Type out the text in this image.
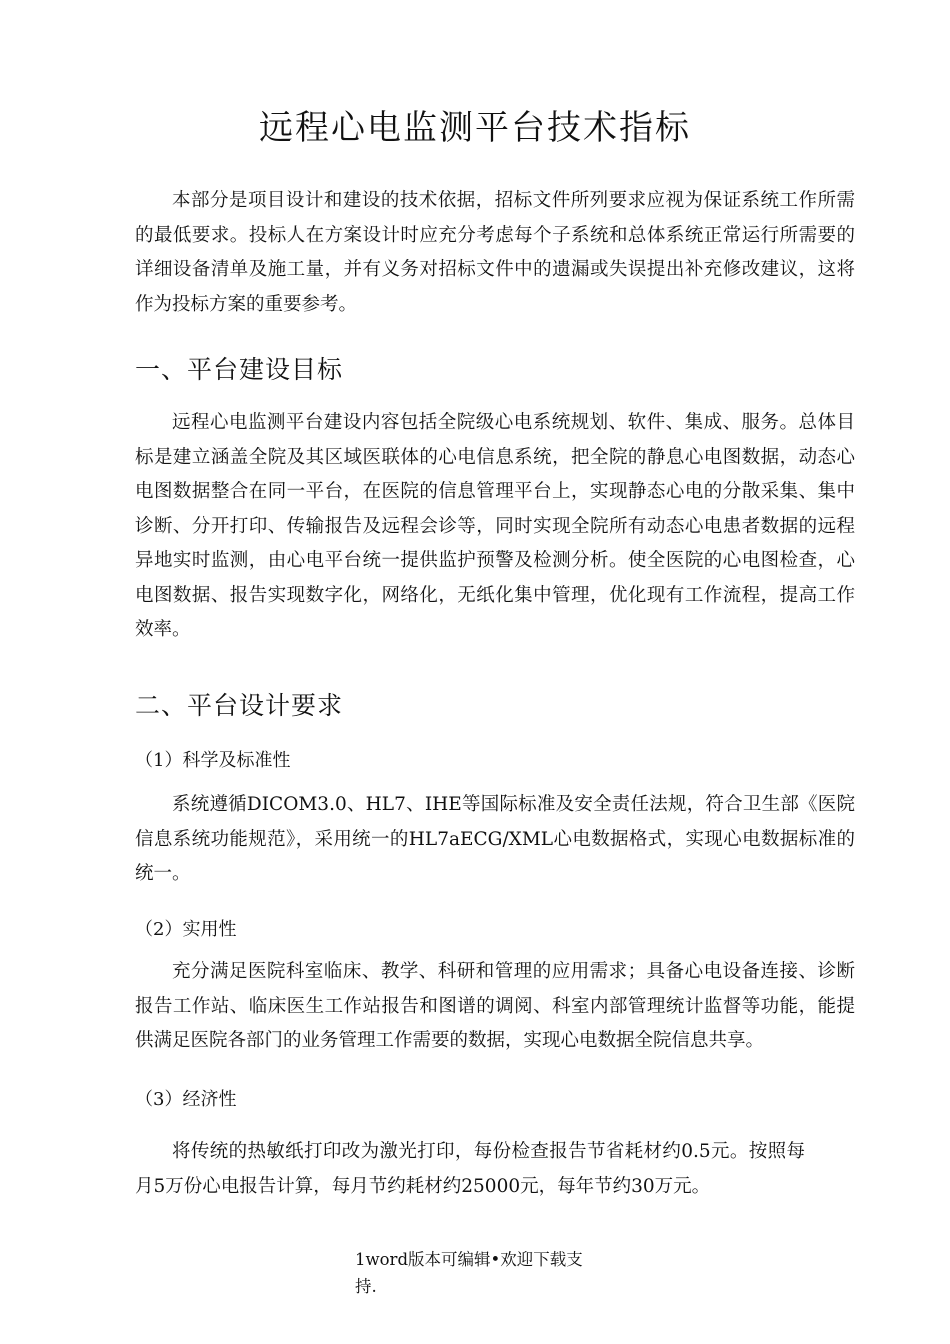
远程心电监测平台技术指标

本部分是项目设计和建设的技术依据，招标文件所列要求应视为保证系统工作所需的最低要求。投标人在方案设计时应充分考虑每个子系统和总体系统正常运行所需要的详细设备清单及施工量，并有义务对招标文件中的遗漏或失误提出补充修改建议，这将作为投标方案的重要参考。

一、平台建设目标

远程心电监测平台建设内容包括全院级心电系统规划、软件、集成、服务。总体目标是建立涵盖全院及其区域医联体的心电信息系统，把全院的静息心电图数据，动态心电图数据整合在同一平台，在医院的信息管理平台上，实现静态心电的分散采集、集中诊断、分开打印、传输报告及远程会诊等，同时实现全院所有动态心电患者数据的远程异地实时监测，由心电平台统一提供监护预警及检测分析。使全医院的心电图检查，心电图数据、报告实现数字化，网络化，无纸化集中管理，优化现有工作流程，提高工作效率。

二、平台设计要求

（1）科学及标准性

系统遵循DICOM3.0、HL7、IHE等国际标准及安全责任法规，符合卫生部《医院信息系统功能规范》，采用统一的HL7aECG/XML心电数据格式，实现心电数据标准的统一。

（2）实用性

充分满足医院科室临床、教学、科研和管理的应用需求；具备心电设备连接、诊断报告工作站、临床医生工作站报告和图谱的调阅、科室内部管理统计监督等功能，能提供满足医院各部门的业务管理工作需要的数据，实现心电数据全院信息共享。

（3）经济性

将传统的热敏纸打印改为激光打印，每份检查报告节省耗材约0.5元。按照每月5万份心电报告计算，每月节约耗材约25000元，每年节约30万元。

1word版本可编辑•欢迎下载支持.
